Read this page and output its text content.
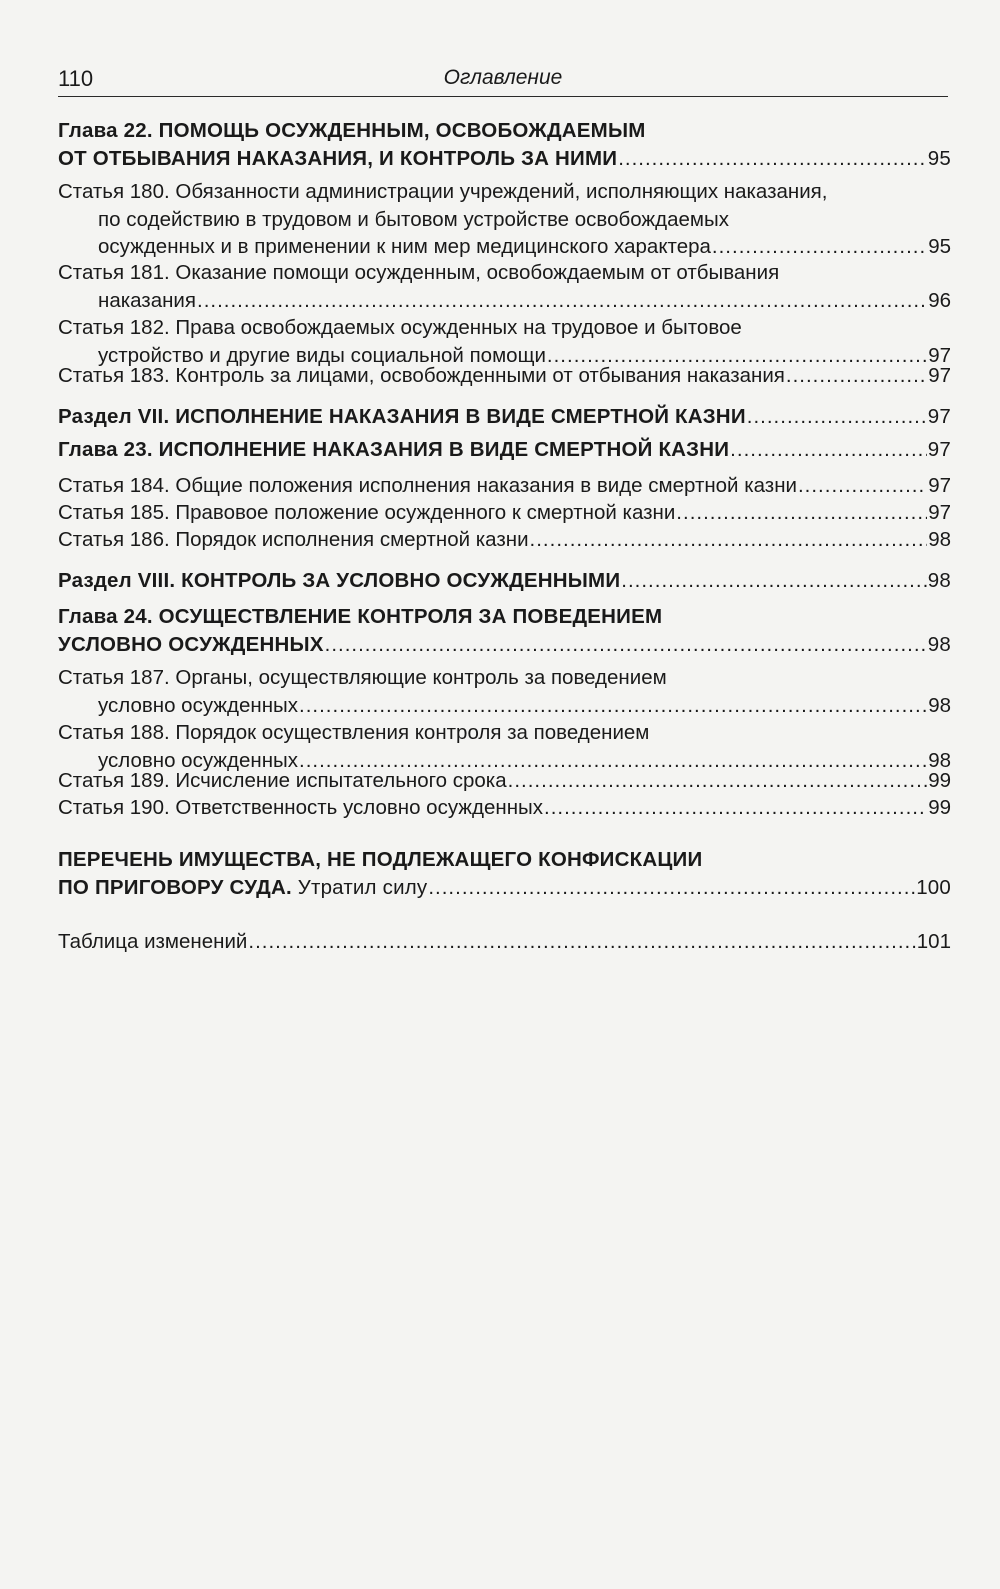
110	Оглавление
Глава 22. ПОМОЩЬ ОСУЖДЕННЫМ, ОСВОБОЖДАЕМЫМ
ОТ ОТБЫВАНИЯ НАКАЗАНИЯ, И КОНТРОЛЬ ЗА НИМИ .....	95
Статья 180. Обязанности администрации учреждений, исполняющих наказания,
по содействию в трудовом и бытовом устройстве освобождаемых
осужденных и в применении к ним мер медицинского характера .....	95
Статья 181. Оказание помощи осужденным, освобождаемым от отбывания
наказания .....	96
Статья 182. Права освобождаемых осужденных на трудовое и бытовое
устройство и другие виды социальной помощи .....	97
Статья 183. Контроль за лицами, освобожденными от отбывания наказания .....	97
Раздел VII. ИСПОЛНЕНИЕ НАКАЗАНИЯ В ВИДЕ СМЕРТНОЙ КАЗНИ .....	97
Глава 23. ИСПОЛНЕНИЕ НАКАЗАНИЯ В ВИДЕ СМЕРТНОЙ КАЗНИ .....	97
Статья 184. Общие положения исполнения наказания в виде смертной казни .....	97
Статья 185. Правовое положение осужденного к смертной казни .....	97
Статья 186. Порядок исполнения смертной казни .....	98
Раздел VIII. КОНТРОЛЬ ЗА УСЛОВНО ОСУЖДЕННЫМИ .....	98
Глава 24. ОСУЩЕСТВЛЕНИЕ КОНТРОЛЯ ЗА ПОВЕДЕНИЕМ
УСЛОВНО ОСУЖДЕННЫХ .....	98
Статья 187. Органы, осуществляющие контроль за поведением
условно осужденных .....	98
Статья 188. Порядок осуществления контроля за поведением
условно осужденных .....	98
Статья 189. Исчисление испытательного срока .....	99
Статья 190. Ответственность условно осужденных .....	99
ПЕРЕЧЕНЬ ИМУЩЕСТВА, НЕ ПОДЛЕЖАЩЕГО КОНФИСКАЦИИ
ПО ПРИГОВОРУ СУДА. Утратил силу .....	100
Таблица изменений .....	101
